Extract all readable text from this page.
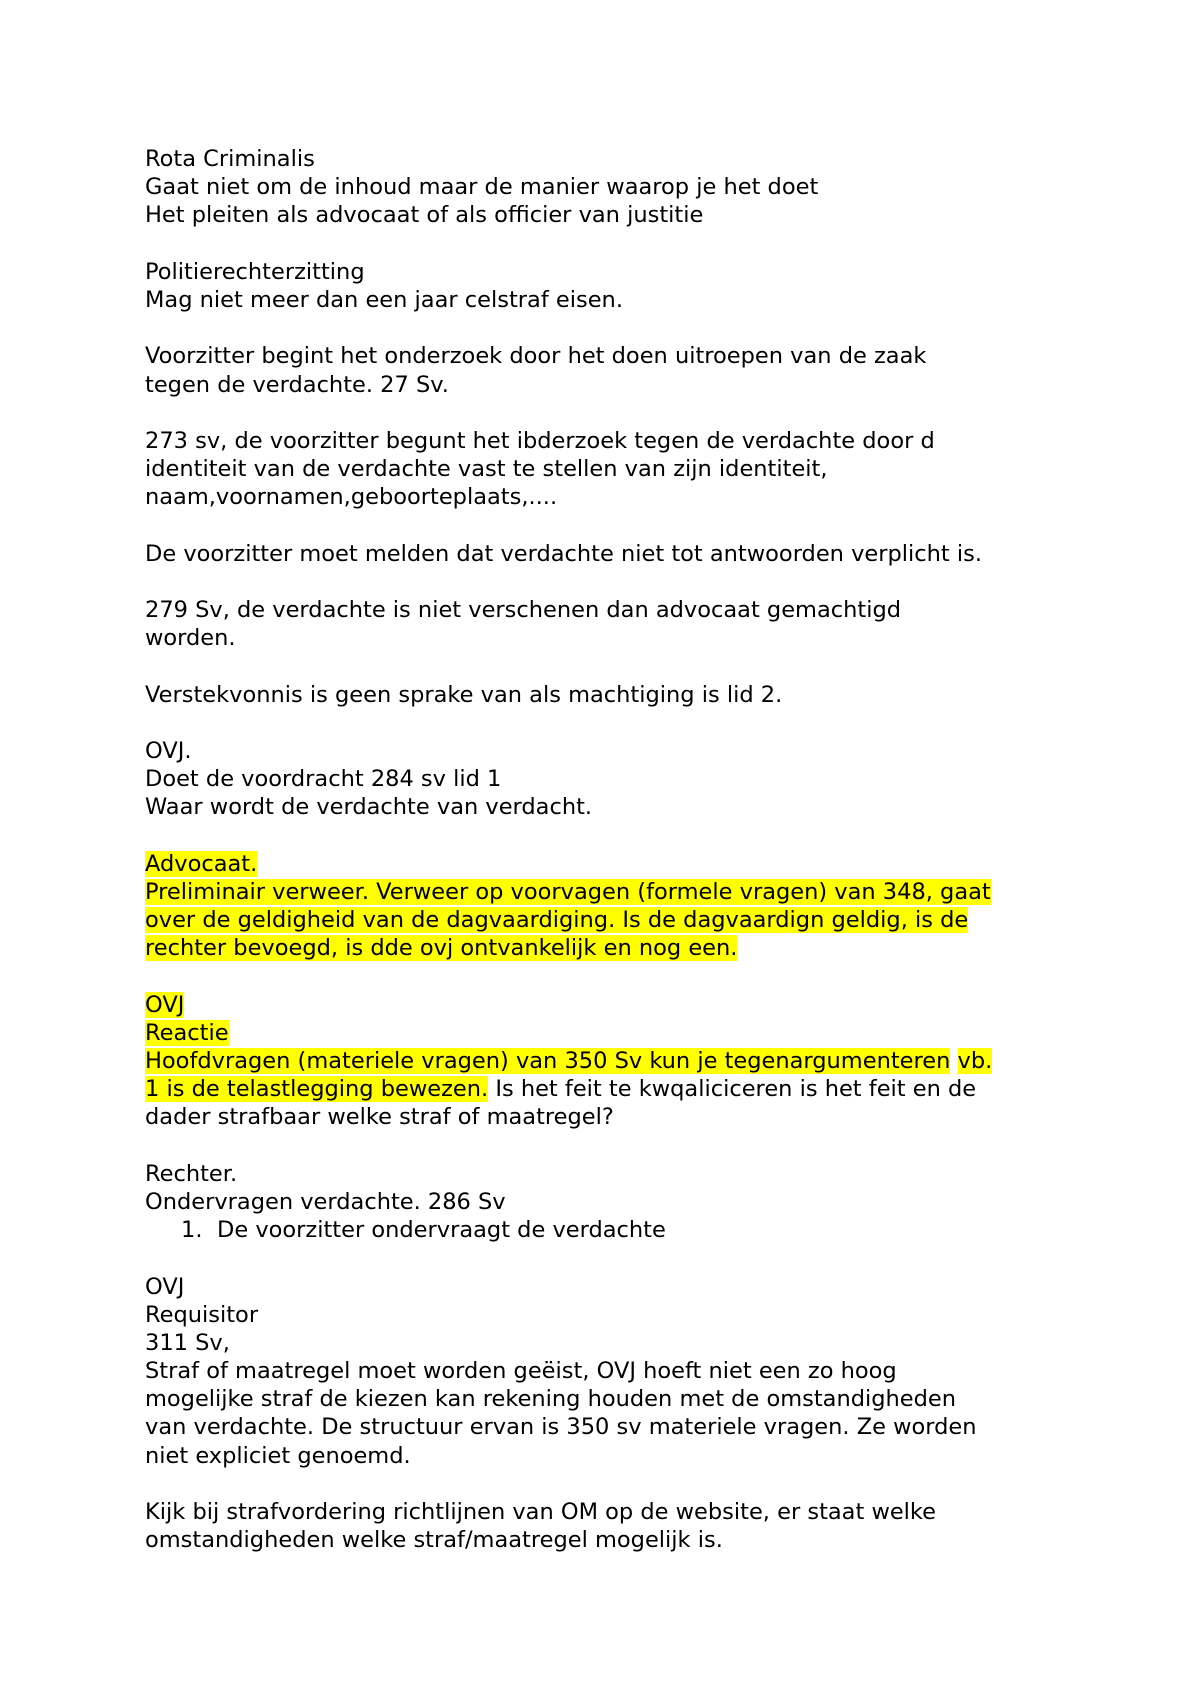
Rota Criminalis
Gaat niet om de inhoud maar de manier waarop je het doet
Het pleiten als advocaat of als officier van justitie
Politierechterzitting
Mag niet meer dan een jaar celstraf eisen.
Voorzitter begint het onderzoek door het doen uitroepen van de zaak
tegen de verdachte. 27 Sv.
273 sv, de voorzitter begunt het ibderzoek tegen de verdachte door d
identiteit van de verdachte vast te stellen van zijn identiteit,
naam,voornamen,geboorteplaats,....
De voorzitter moet melden dat verdachte niet tot antwoorden verplicht is.
279 Sv, de verdachte is niet verschenen dan advocaat gemachtigd
worden.
Verstekvonnis is geen sprake van als machtiging is lid 2.
OVJ.
Doet de voordracht 284 sv lid 1
Waar wordt de verdachte van verdacht.
Advocaat.
Preliminair verweer. Verweer op voorvagen (formele vragen) van 348, gaat
over de geldigheid van de dagvaardiging. Is de dagvaardign geldig, is de
rechter bevoegd, is dde ovj ontvankelijk en nog een.
OVJ
Reactie
Hoofdvragen (materiele vragen) van 350 Sv kun je tegenargumenteren vb.
1 is de telastlegging bewezen. Is het feit te kwqaliciceren is het feit en de
dader strafbaar welke straf of maatregel?
Rechter.
Ondervragen verdachte. 286 Sv
1. De voorzitter ondervraagt de verdachte
OVJ
Requisitor
311 Sv,
Straf of maatregel moet worden geëist, OVJ hoeft niet een zo hoog
mogelijke straf de kiezen kan rekening houden met de omstandigheden
van verdachte. De structuur ervan is 350 sv materiele vragen. Ze worden
niet expliciet genoemd.
Kijk bij strafvordering richtlijnen van OM op de website, er staat welke
omstandigheden welke straf/maatregel mogelijk is.
